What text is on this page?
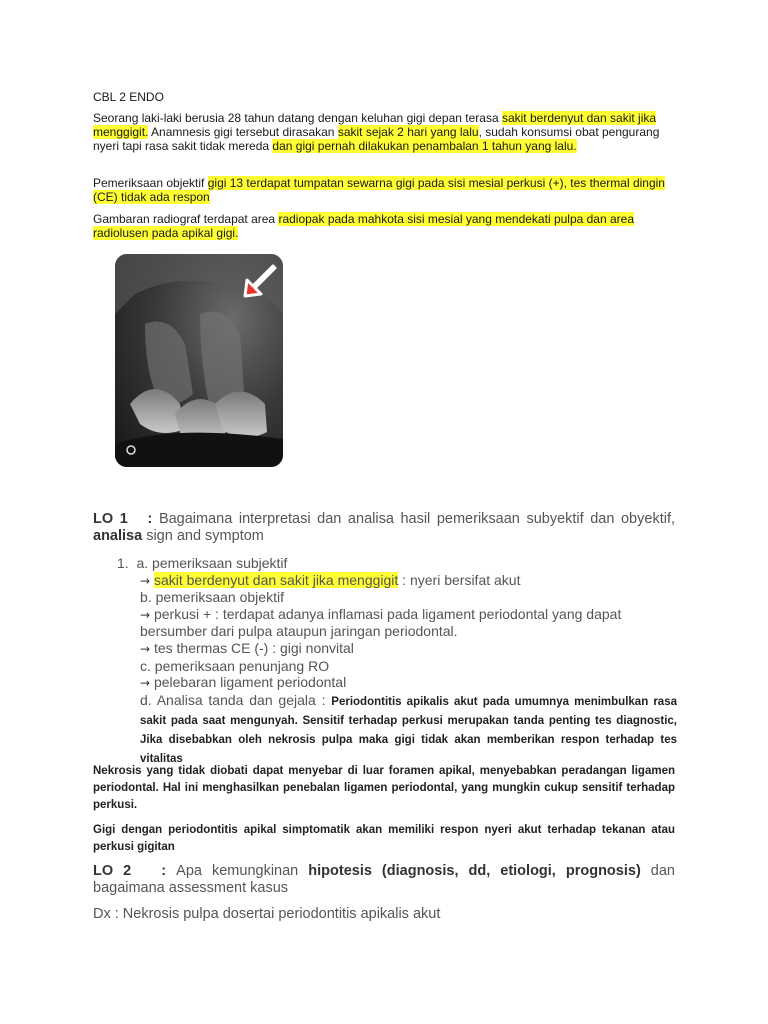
CBL 2 ENDO

Seorang laki-laki berusia 28 tahun datang dengan keluhan gigi depan terasa sakit berdenyut dan sakit jika menggigit. Anamnesis gigi tersebut dirasakan sakit sejak 2 hari yang lalu, sudah konsumsi obat pengurang nyeri tapi rasa sakit tidak mereda dan gigi pernah dilakukan penambalan 1 tahun yang lalu.

Pemeriksaan objektif gigi 13 terdapat tumpatan sewarna gigi pada sisi mesial perkusi (+), tes thermal dingin (CE) tidak ada respon

Gambaran radiograf terdapat area radiopak pada mahkota sisi mesial yang mendekati pulpa dan area radiolusen pada apikal gigi.

LO 1 : Bagaimana interpretasi dan analisa hasil pemeriksaan subyektif dan obyektif, analisa sign and symptom

1. a. pemeriksaan subjektif
→ sakit berdenyut dan sakit jika menggigit : nyeri bersifat akut
b. pemeriksaan objektif
→ perkusi + : terdapat adanya inflamasi pada ligament periodontal yang dapat bersumber dari pulpa ataupun jaringan periodontal.
→ tes thermas CE (-) : gigi nonvital
c. pemeriksaan penunjang RO
→ pelebaran ligament periodontal
d. Analisa tanda dan gejala : Periodontitis apikalis akut pada umumnya menimbulkan rasa sakit pada saat mengunyah. Sensitif terhadap perkusi merupakan tanda penting tes diagnostic, Jika disebabkan oleh nekrosis pulpa maka gigi tidak akan memberikan respon terhadap tes vitalitas

Nekrosis yang tidak diobati dapat menyebar di luar foramen apikal, menyebabkan peradangan ligamen periodontal. Hal ini menghasilkan penebalan ligamen periodontal, yang mungkin cukup sensitif terhadap perkusi.

Gigi dengan periodontitis apikal simptomatik akan memiliki respon nyeri akut terhadap tekanan atau perkusi gigitan

LO 2 : Apa kemungkinan hipotesis (diagnosis, dd, etiologi, prognosis) dan bagaimana assessment kasus

Dx : Nekrosis pulpa dosertai periodontitis apikalis akut
